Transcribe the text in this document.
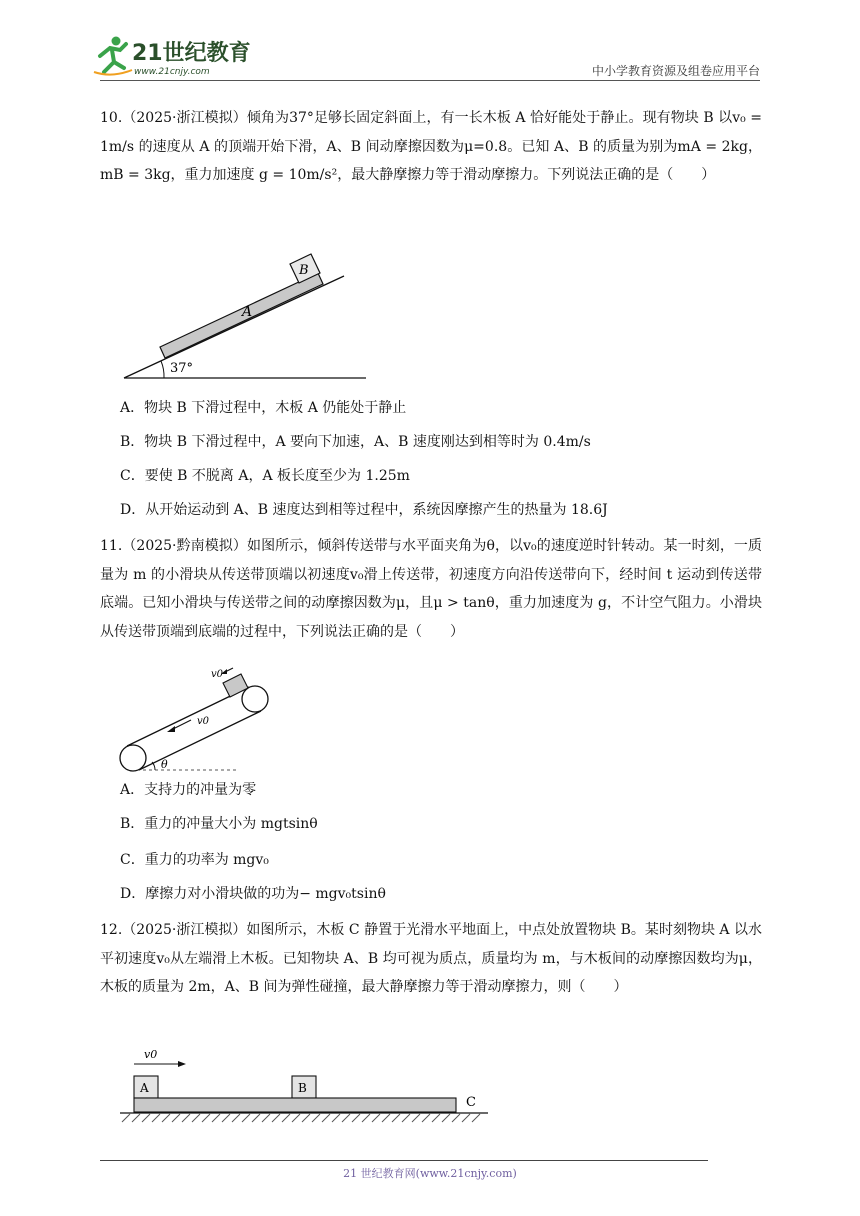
21世纪教育
www.21cnjy.com	中小学教育资源及组卷应用平台
10.（2025·浙江模拟）倾角为37°足够长固定斜面上，有一长木板 A 恰好能处于静止。现有物块 B 以v₀ = 1m/s 的速度从 A 的顶端开始下滑，A、B 间动摩擦因数为μ=0.8。已知 A、B 的质量为别为mA = 2kg，mB = 3kg，重力加速度 g = 10m/s²，最大静摩擦力等于滑动摩擦力。下列说法正确的是（　　）
B
A
37°
A．物块 B 下滑过程中，木板 A 仍能处于静止
B．物块 B 下滑过程中，A 要向下加速，A、B 速度刚达到相等时为 0.4m/s
C．要使 B 不脱离 A，A 板长度至少为 1.25m
D．从开始运动到 A、B 速度达到相等过程中，系统因摩擦产生的热量为 18.6J
11.（2025·黔南模拟）如图所示，倾斜传送带与水平面夹角为θ，以v₀的速度逆时针转动。某一时刻，一质量为 m 的小滑块从传送带顶端以初速度v₀滑上传送带，初速度方向沿传送带向下，经时间 t 运动到传送带底端。已知小滑块与传送带之间的动摩擦因数为μ，且μ > tanθ，重力加速度为 g，不计空气阻力。小滑块从传送带顶端到底端的过程中，下列说法正确的是（　　）
v0
v0
θ
A．支持力的冲量为零
B．重力的冲量大小为 mgtsinθ
C．重力的功率为 mgv₀
D．摩擦力对小滑块做的功为− mgv₀tsinθ
12.（2025·浙江模拟）如图所示，木板 C 静置于光滑水平地面上，中点处放置物块 B。某时刻物块 A 以水平初速度v₀从左端滑上木板。已知物块 A、B 均可视为质点，质量均为 m，与木板间的动摩擦因数均为μ，木板的质量为 2m，A、B 间为弹性碰撞，最大静摩擦力等于滑动摩擦力，则（　　）
v0
A	B
C
21 世纪教育网(www.21cnjy.com)
